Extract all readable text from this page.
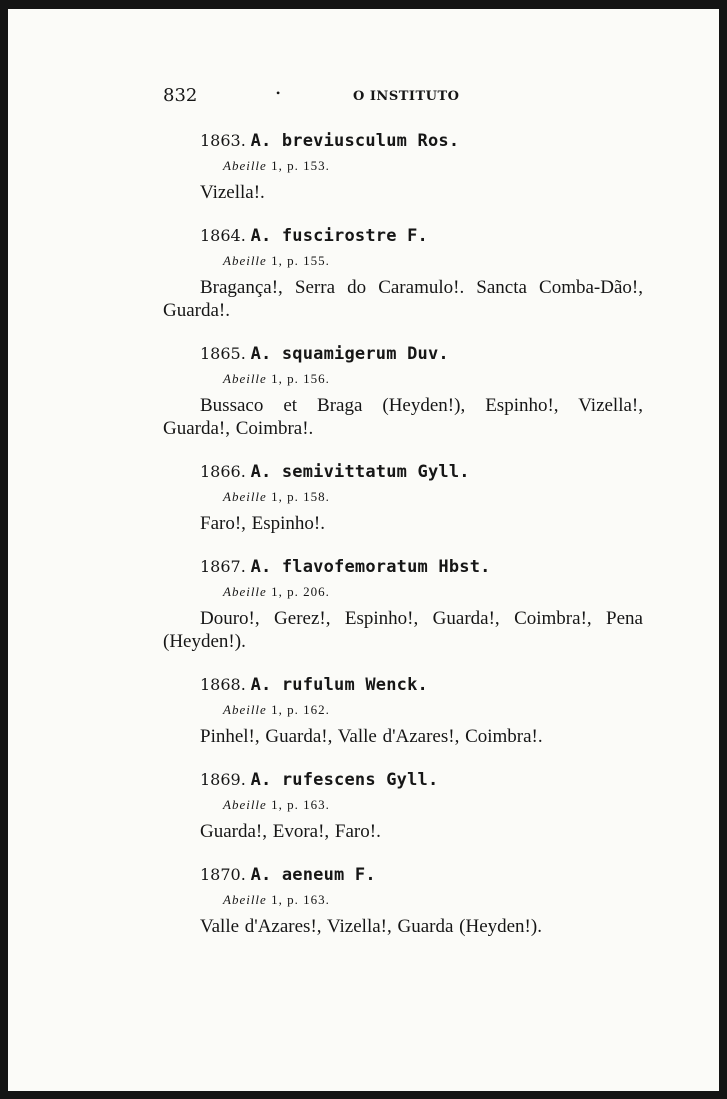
832	•	O INSTITUTO
1863. A. breviusculum Ros.
Abeille 1, p. 153.
Vizella!.
1864. A. fuscirostre F.
Abeille 1, p. 155.
Bragança!, Serra do Caramulo!. Sancta Comba-Dão!, Guarda!.
1865. A. squamigerum Duv.
Abeille 1, p. 156.
Bussaco et Braga (Heyden!), Espinho!, Vizella!, Guarda!, Coimbra!.
1866. A. semivittatum Gyll.
Abeille 1, p. 158.
Faro!, Espinho!.
1867. A. flavofemoratum Hbst.
Abeille 1, p. 206.
Douro!, Gerez!, Espinho!, Guarda!, Coimbra!, Pena (Heyden!).
1868. A. rufulum Wenck.
Abeille 1, p. 162.
Pinhel!, Guarda!, Valle d'Azares!, Coimbra!.
1869. A. rufescens Gyll.
Abeille 1, p. 163.
Guarda!, Evora!, Faro!.
1870. A. aeneum F.
Abeille 1, p. 163.
Valle d'Azares!, Vizella!, Guarda (Heyden!).
